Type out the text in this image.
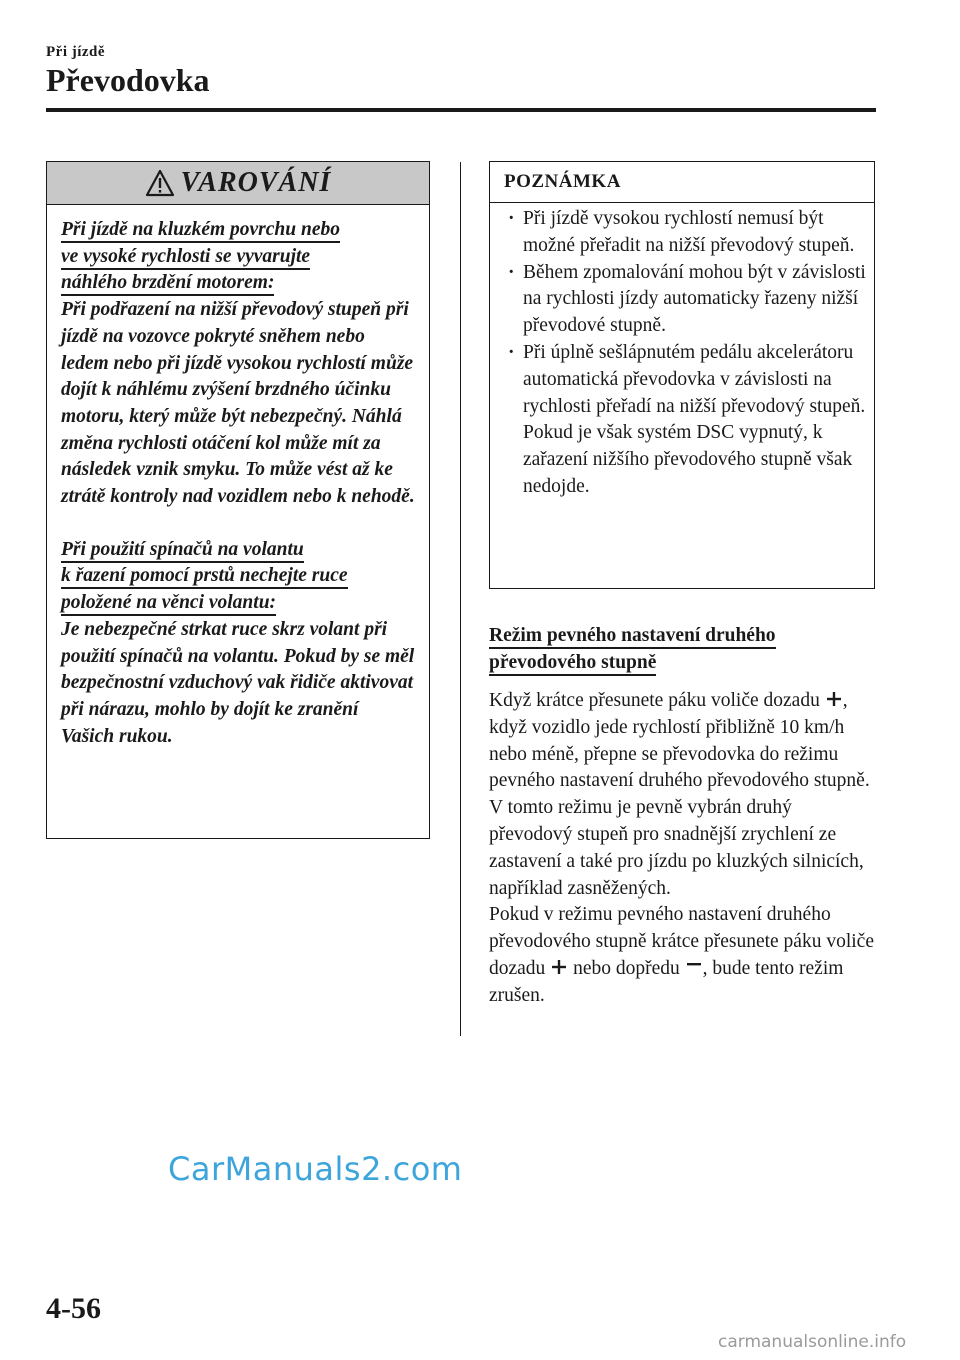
Při jízdě
Převodovka
VAROVÁNÍ
Při jízdě na kluzkém povrchu nebo
ve vysoké rychlosti se vyvarujte
náhlého brzdění motorem:

Při podřazení na nižší převodový stupeň při jízdě na vozovce pokryté sněhem nebo ledem nebo při jízdě vysokou rychlostí může dojít k náhlému zvýšení brzdného účinku motoru, který může být nebezpečný. Náhlá změna rychlosti otáčení kol může mít za následek vznik smyku. To může vést až ke ztrátě kontroly nad vozidlem nebo k nehodě.

Při použití spínačů na volantu
k řazení pomocí prstů nechejte ruce
položené na věnci volantu:

Je nebezpečné strkat ruce skrz volant při použití spínačů na volantu. Pokud by se měl bezpečnostní vzduchový vak řidiče aktivovat při nárazu, mohlo by dojít ke zranění Vašich rukou.

POZNÁMKA
· Při jízdě vysokou rychlostí nemusí být možné přeřadit na nižší převodový stupeň.
· Během zpomalování mohou být v závislosti na rychlosti jízdy automaticky řazeny nižší převodové stupně.
· Při úplně sešlápnutém pedálu akcelerátoru automatická převodovka v závislosti na rychlosti přeřadí na nižší převodový stupeň. Pokud je však systém DSC vypnutý, k zařazení nižšího převodového stupně však nedojde.
Režim pevného nastavení druhého
převodového stupně

Když krátce přesunete páku voliče dozadu , když vozidlo jede rychlostí přibližně 10 km/h nebo méně, přepne se převodovka do režimu pevného nastavení druhého převodového stupně. V tomto režimu je pevně vybrán druhý převodový stupeň pro snadnější zrychlení ze zastavení a také pro jízdu po kluzkých silnicích, například zasněžených.
Pokud v režimu pevného nastavení druhého převodového stupně krátce přesunete páku voliče dozadu nebo dopředu , bude tento režim zrušen.

CarManuals2.com
4-56
carmanualsonline.info
